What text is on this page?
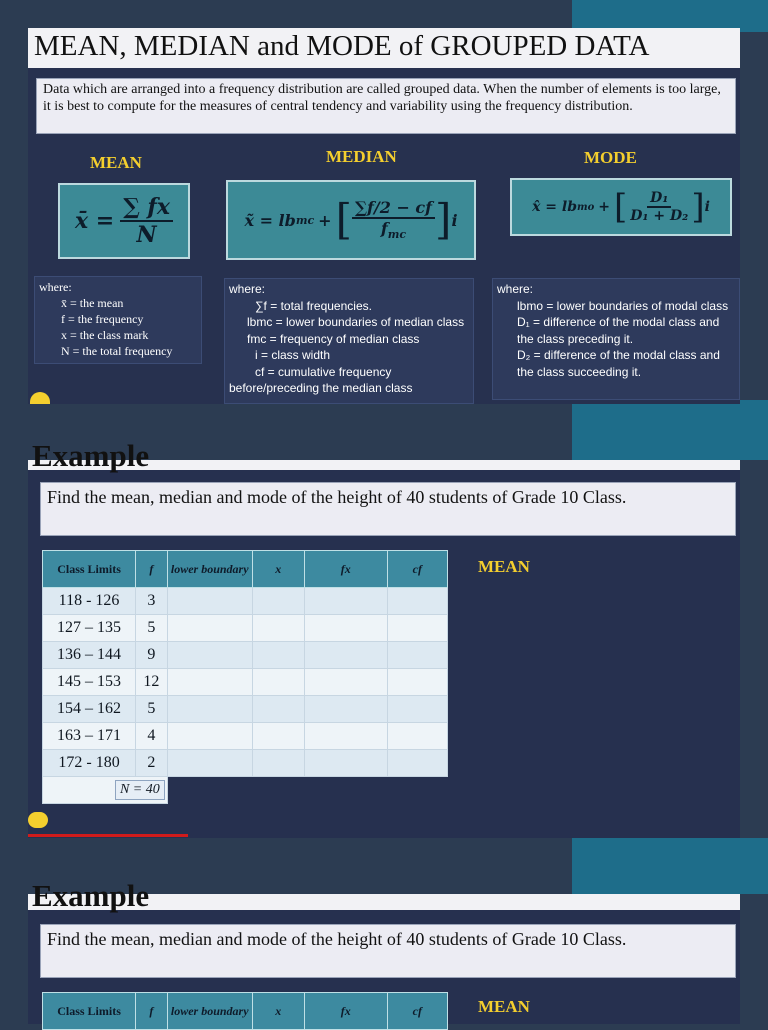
MEAN, MEDIAN and MODE of GROUPED DATA
Data which are arranged into a frequency distribution are called grouped data. When the number of elements is too large, it is best to compute for the measures of central tendency and variability using the frequency distribution.
MEAN	MEDIAN	MODE
x̄ = $\frac{\sum fx}{N}$	x̃ = lb mc + [ $\frac{\sum f/2 - cf}{f_{mc}}$ ] i
x̂ = lb mo + [ $\frac{\text{D₁}}{\text{D₁ + D₂}}$ ] i
where:
x̄ = the mean
f = the frequency
x = the class mark
N = the total frequency
where:
∑f = total frequencies.
lbmc = lower boundaries of median class
fmc = frequency of median class
i = class width
cf = cumulative frequency
before/preceding the median class
where:
lbmo = lower boundaries of modal class
D₁ = difference of the modal class and the class preceding it.
D₂ = difference of the modal class and the class succeeding it.
Example
Find the mean, median and mode of the height of 40 students of Grade 10 Class.
Class Limits	f	lower boundary	x	fx	cf
118 - 126	3				
127 – 135	5				
136 – 144	9				
145 – 153	12				
154 – 162	5				
163 – 171	4				
172 - 180	2				
N = 40					
MEAN
Example
Find the mean, median and mode of the height of 40 students of Grade 10 Class.
Class Limits	f	lower boundary	x	fx	cf	MEAN
